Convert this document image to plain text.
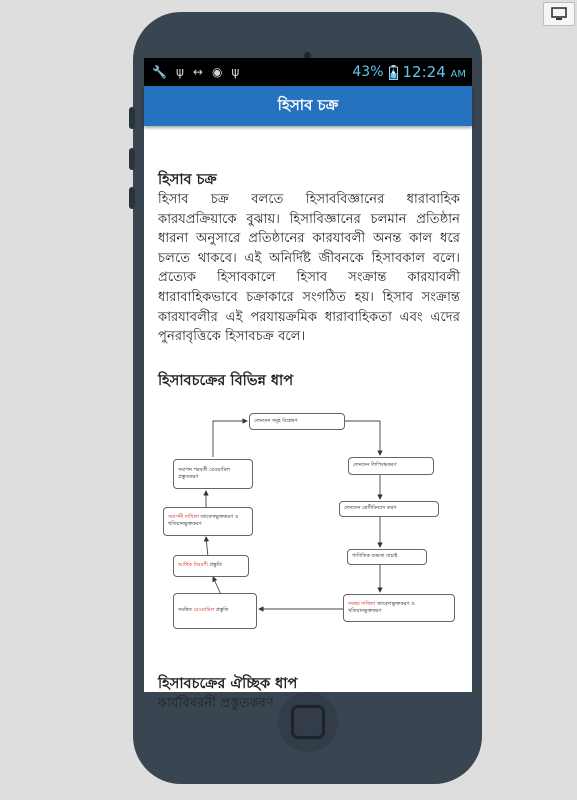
🔧 ψ ↔ ◉ ψ	43% 12:24 AM
হিসাব চক্র
হিসাব চক্র

হিসাব চক্র বলতে হিসাববিজ্ঞানের ধারাবাহিক কারযপ্রক্রিয়াকে বুঝায়। হিসাবিজ্ঞানের চলমান প্রতিষ্ঠান ধারনা অনুসারে প্রতিষ্ঠানের কারযাবলী অনন্ত কাল ধরে চলতে থাকবে। এই অনির্দিষ্ট জীবনকে হিসাবকাল বলে। প্রত্যেক হিসাবকালে হিসাব সংক্রান্ত কারযাবলী ধারাবাহিকভাবে চক্রাকারে সংগঠিত হয়। হিসাব সংক্রান্ত কারযাবলীর এই পরযায়ক্রমিক ধারাবাহিকতা এবং এদের পুনরাবৃত্তিকে হিসাবচক্র বলে।

হিসাবচক্রের বিভিন্ন ধাপ
লেনদেন সমূহ বিশ্লেষণ
লেনদেন লিপিবদ্ধকরণ
লেনদেন শ্রেণীবিন্যাস করণ
গাণিতিক শুদ্ধতা যাচাই
সমন্বয় দাখিলা জাবেদাভুক্তকরণ ও খতিয়ানভুক্তকরণ
সমন্বিত রেওয়ামিল প্রস্তুতি
আর্থিক বিবরণী প্রস্তুতি
সমাপনী দাখিলা জাবেদাভুক্তকরণ ও খতিয়ানভুক্তকরণ
সমাপন পরবর্তী রেওয়ামিল প্রস্তুতকরণ
হিসাবচক্রের ঐচ্ছিক ধাপ

কার্যবিবরনী প্রস্তুতকরণ
